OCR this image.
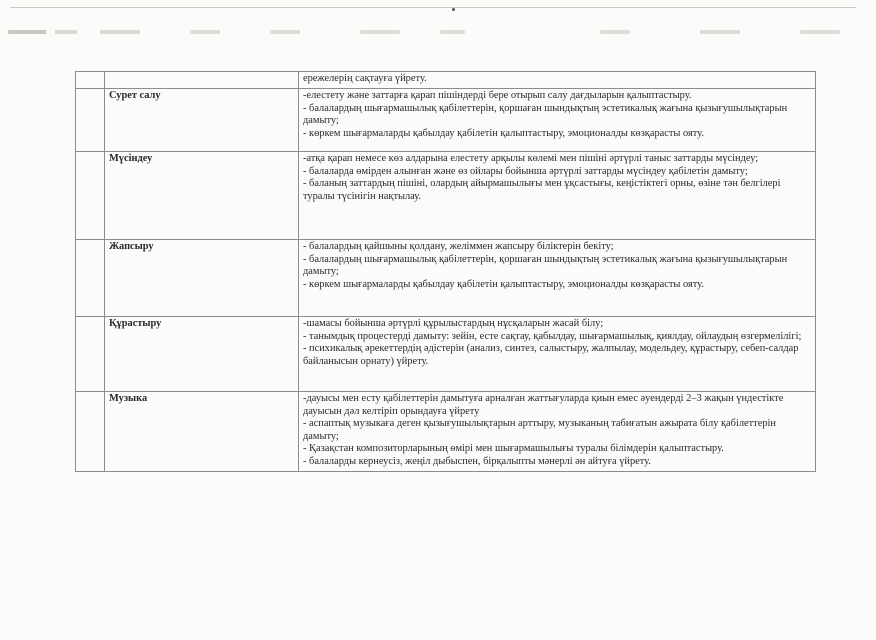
		ережелерің сақтауға үйрету.

	Сурет салу	-елестету және заттарға қарап пішіндерді бере отырып салу дағдыларын қалыптастыру.
- балалардың шығармашылық қабілеттерін, қоршаған шындықтың эстетикалық жағына қызығушылықтарын дамыту;
- көркем шығармаларды қабылдау қабілетін қалыптастыру, эмоционалды көзқарасты ояту.

	Мүсіндеу	-атқа қарап немесе көз алдарына елестету арқылы көлемі мен пішіні әртүрлі таныс заттарды мүсіндеу;
- балаларда өмірден алынған және өз ойлары бойынша әртүрлі заттарды мүсіндеу қабілетін дамыту;
- баланың заттардың пішіні, олардың айырмашылығы мен ұқсастығы, кеңістіктегі орны, өзіне тән белгілері туралы түсінігін нақтылау.

	Жапсыру	- балалардың қайшыны қолдану, желіммен жапсыру біліктерін бекіту;
- балалардың шығармашылық қабілеттерін, қоршаған шындықтың эстетикалық жағына қызығушылықтарын дамыту;
- көркем шығармаларды қабылдау қабілетін қалыптастыру, эмоционалды көзқарасты ояту.

	Құрастыру	-шамасы бойынша әртүрлі құрылыстардың нұсқаларын жасай білу;
- танымдық процестерді дамыту: зейін, есте сақтау, қабылдау, шығармашылық, қиялдау, ойлаудың өзгермелілігі;
- психикалық әрекеттердің әдістерін (анализ, синтез, салыстыру, жалпылау, модельдеу, құрастыру, себеп-салдар байланысын орнату) үйрету.

	Музыка	-дауысы мен есту қабілеттерін дамытуға арналған жаттығуларда қиын емес әуендерді 2–3 жақын үндестікте дауысын дәл келтіріп орындауға үйрету
- аспаптық музыкаға деген қызығушылықтарын арттыру, музыканың табиғатын ажырата білу қабілеттерін дамыту;
- Қазақстан композиторларының өмірі мен шығармашылығы туралы білімдерін қалыптастыру.
- балаларды кернеусіз, жеңіл дыбыспен, бірқалыпты мәнерлі ән айтуға үйрету.
